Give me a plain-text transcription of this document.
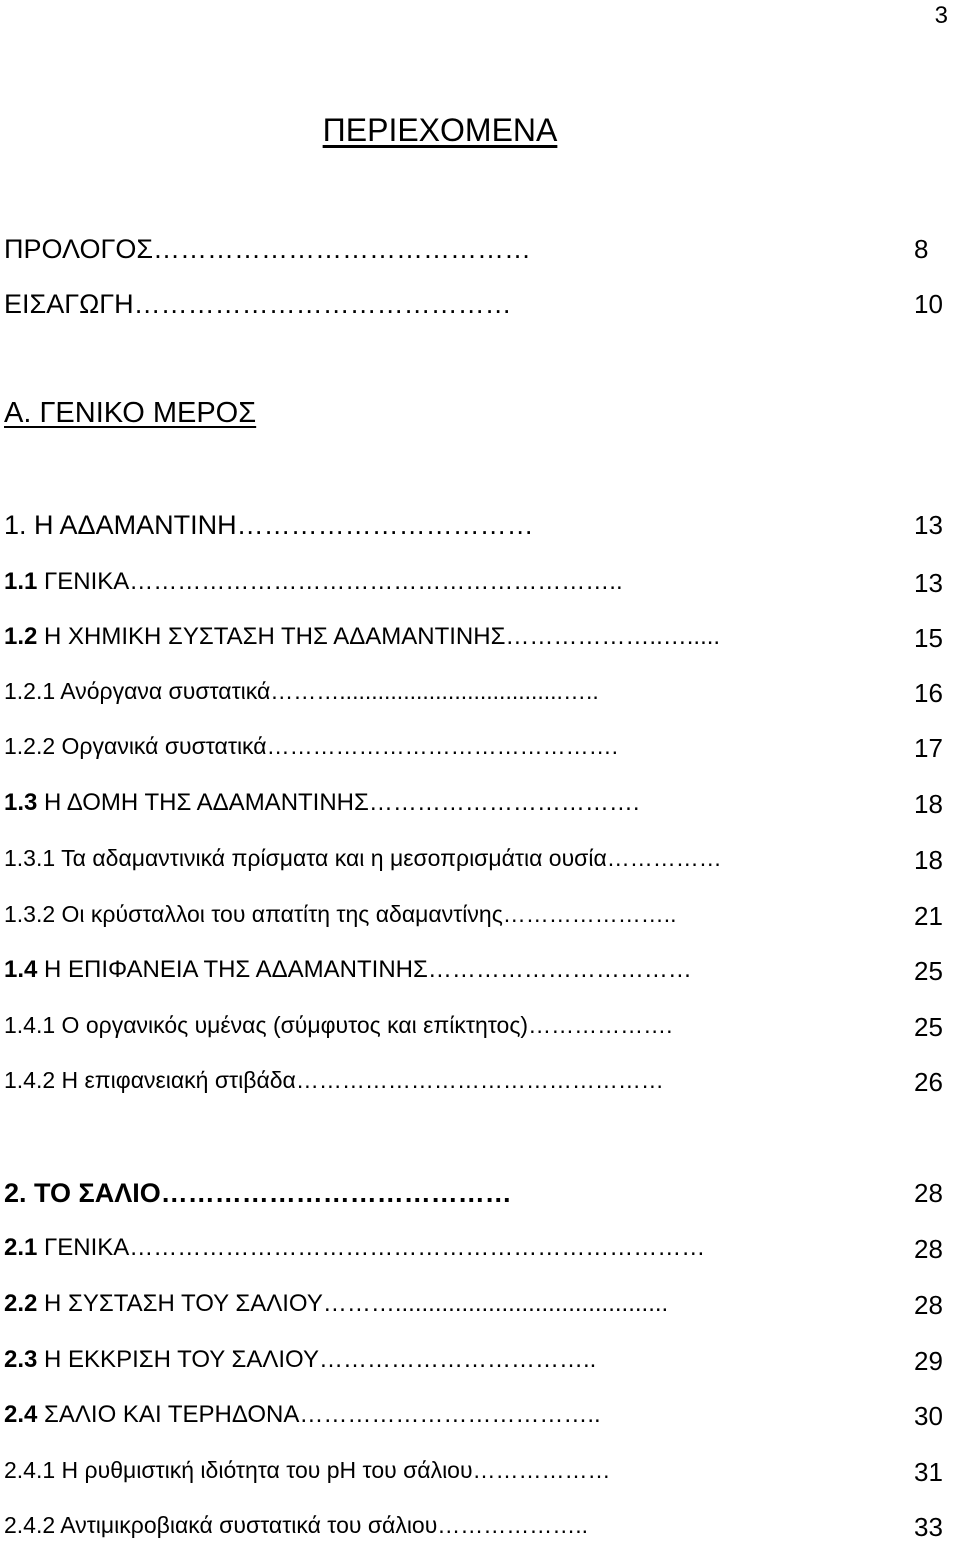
3
ΠΕΡΙΕΧΟΜΕΝΑ
ΠΡΟΛΟΓΟΣ……………………………………	8
ΕΙΣΑΓΩΓΗ……………………………………	10
Α. ΓΕΝΙΚΟ ΜΕΡΟΣ
1. Η ΑΔΑΜΑΝΤΙΝΗ……………………………	13
1.1 ΓΕΝΙΚΑ……………………………………………………..	13
1.2 Η ΧΗΜΙΚΗ ΣΥΣΤΑΣΗ ΤΗΣ ΑΔΑΜΑΝΤΙΝΗΣ………………..….....	15
1.2.1 Ανόργανα συστατικά………...................................…..	16
1.2.2 Οργανικά συστατικά……………………………………….	17
1.3 Η ΔΟΜΗ ΤΗΣ ΑΔΑΜΑΝΤΙΝΗΣ…………………………….	18
1.3.1 Τα αδαμαντινικά πρίσματα και η μεσοπρισμάτια ουσία……………	18
1.3.2 Οι κρύσταλλοι του απατίτη της αδαμαντίνης…………………..	21
1.4 Η ΕΠΙΦΑΝΕΙΑ ΤΗΣ ΑΔΑΜΑΝΤΙΝΗΣ……………………………	25
1.4.1 Ο οργανικός υμένας (σύμφυτος και επίκτητος)……………….	25
1.4.2 Η επιφανειακή στιβάδα…………………………………………	26
2. ΤΟ ΣΑΛΙΟ…………………………………	28
2.1 ΓΕΝΙΚΑ………………………………………………………………	28
2.2 Η ΣΥΣΤΑΣΗ ΤΟΥ ΣΑΛΙΟΥ……….........................................	28
2.3 Η ΕΚΚΡΙΣΗ ΤΟΥ ΣΑΛΙΟΥ……………………………..	29
2.4 ΣΑΛΙΟ ΚΑΙ ΤΕΡΗΔΟΝΑ………………………………..	30
2.4.1 Η ρυθμιστική ιδιότητα του pH του σάλιου………………	31
2.4.2 Αντιμικροβιακά συστατικά του σάλιου………………..	33
